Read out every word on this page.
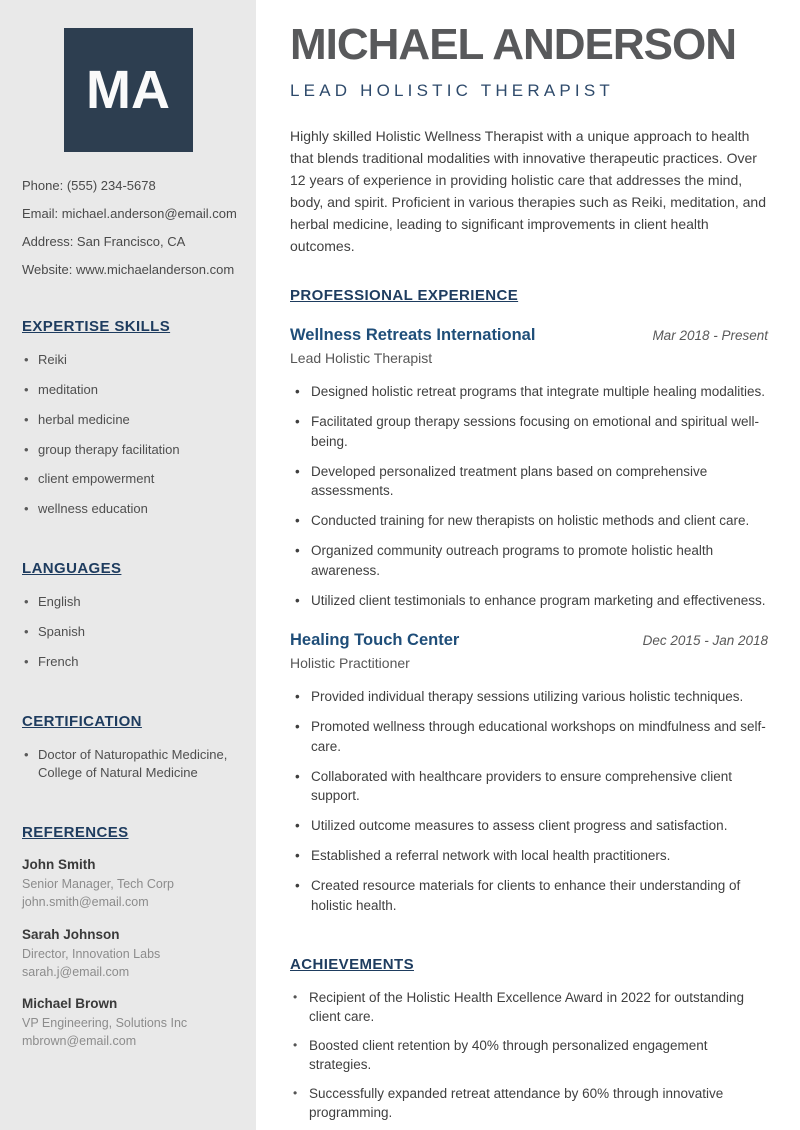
MA
Phone: (555) 234-5678
Email: michael.anderson@email.com
Address: San Francisco, CA
Website: www.michaelanderson.com
EXPERTISE SKILLS
• Reiki
• meditation
• herbal medicine
• group therapy facilitation
• client empowerment
• wellness education
LANGUAGES
• English
• Spanish
• French
CERTIFICATION
• Doctor of Naturopathic Medicine, College of Natural Medicine
REFERENCES
John Smith
Senior Manager, Tech Corp
john.smith@email.com
Sarah Johnson
Director, Innovation Labs
sarah.j@email.com
Michael Brown
VP Engineering, Solutions Inc
mbrown@email.com
MICHAEL ANDERSON
LEAD HOLISTIC THERAPIST

Highly skilled Holistic Wellness Therapist with a unique approach to health that blends traditional modalities with innovative therapeutic practices. Over 12 years of experience in providing holistic care that addresses the mind, body, and spirit. Proficient in various therapies such as Reiki, meditation, and herbal medicine, leading to significant improvements in client health outcomes.

PROFESSIONAL EXPERIENCE
Wellness Retreats International	Mar 2018 - Present
Lead Holistic Therapist
• Designed holistic retreat programs that integrate multiple healing modalities.
• Facilitated group therapy sessions focusing on emotional and spiritual well-being.
• Developed personalized treatment plans based on comprehensive assessments.
• Conducted training for new therapists on holistic methods and client care.
• Organized community outreach programs to promote holistic health awareness.
• Utilized client testimonials to enhance program marketing and effectiveness.
Healing Touch Center	Dec 2015 - Jan 2018
Holistic Practitioner
• Provided individual therapy sessions utilizing various holistic techniques.
• Promoted wellness through educational workshops on mindfulness and self-care.
• Collaborated with healthcare providers to ensure comprehensive client support.
• Utilized outcome measures to assess client progress and satisfaction.
• Established a referral network with local health practitioners.
• Created resource materials for clients to enhance their understanding of holistic health.
ACHIEVEMENTS
• Recipient of the Holistic Health Excellence Award in 2022 for outstanding client care.
• Boosted client retention by 40% through personalized engagement strategies.
• Successfully expanded retreat attendance by 60% through innovative programming.
